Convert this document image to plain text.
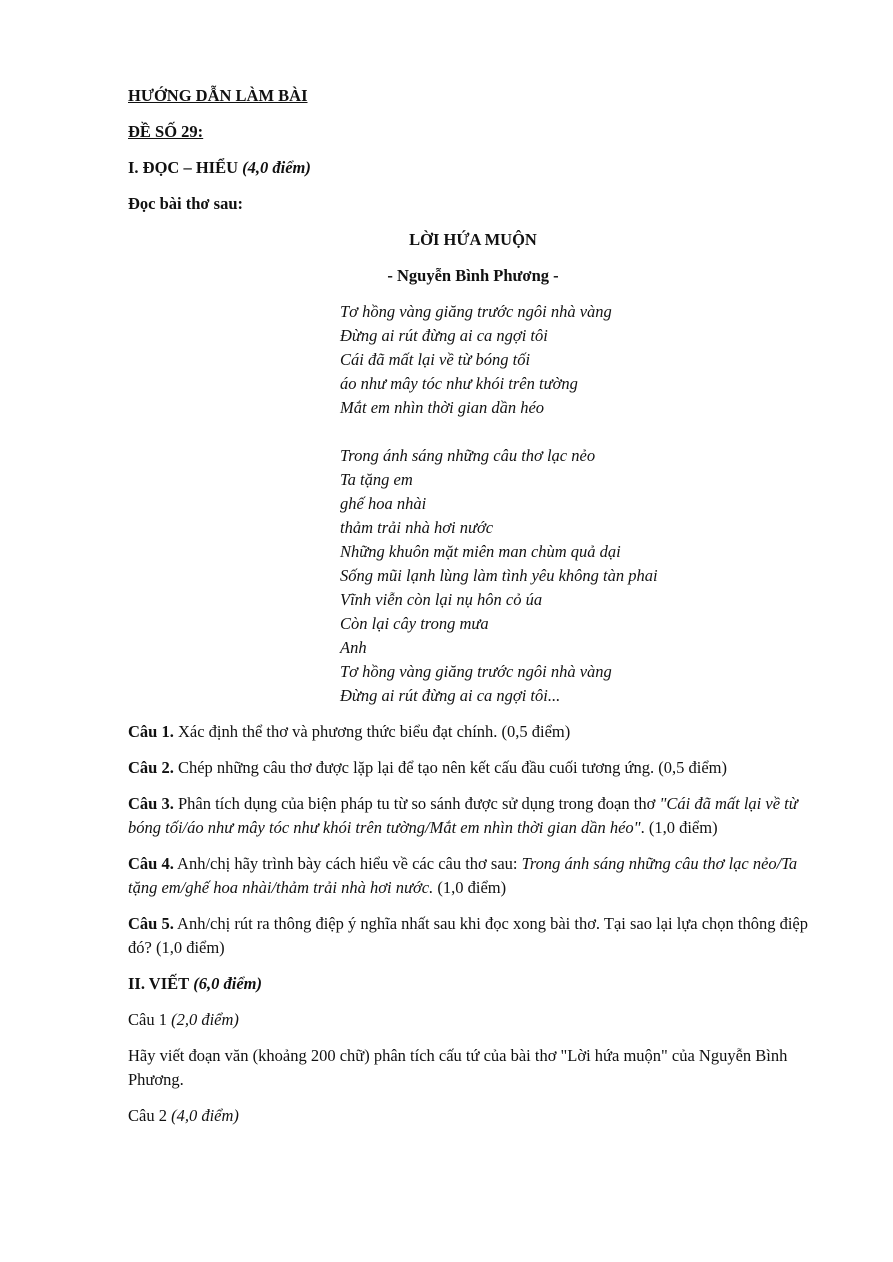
HƯỚNG DẪN LÀM BÀI
ĐỀ SỐ 29:
I. ĐỌC – HIỂU (4,0 điểm)
Đọc bài thơ sau:
LỜI HỨA MUỘN
- Nguyễn Bình Phương -
Tơ hồng vàng giăng trước ngôi nhà vàng
Đừng ai rút đừng ai ca ngợi tôi
Cái đã mất lại về từ bóng tối
áo như mây tóc như khói trên tường
Mắt em nhìn thời gian dần héo
Trong ánh sáng những câu thơ lạc nẻo
Ta tặng em
ghế hoa nhài
thảm trải nhà hơi nước
Những khuôn mặt miên man chùm quả dại
Sống mũi lạnh lùng làm tình yêu không tàn phai
Vĩnh viễn còn lại nụ hôn cỏ úa
Còn lại cây trong mưa
Anh
Tơ hồng vàng giăng trước ngôi nhà vàng
Đừng ai rút đừng ai ca ngợi tôi...

Câu 1. Xác định thể thơ và phương thức biểu đạt chính. (0,5 điểm)

Câu 2. Chép những câu thơ được lặp lại để tạo nên kết cấu đầu cuối tương ứng. (0,5 điểm)

Câu 3. Phân tích dụng của biện pháp tu từ so sánh được sử dụng trong đoạn thơ "Cái đã mất lại về từ bóng tối/áo như mây tóc như khói trên tường/Mắt em nhìn thời gian dần héo". (1,0 điểm)

Câu 4. Anh/chị hãy trình bày cách hiểu về các câu thơ sau: Trong ánh sáng những câu thơ lạc nẻo/Ta tặng em/ghế hoa nhài/thảm trải nhà hơi nước. (1,0 điểm)

Câu 5. Anh/chị rút ra thông điệp ý nghĩa nhất sau khi đọc xong bài thơ. Tại sao lại lựa chọn thông điệp đó? (1,0 điểm)

II. VIẾT (6,0 điểm)
Câu 1 (2,0 điểm)

Hãy viết đoạn văn (khoảng 200 chữ) phân tích cấu tứ của bài thơ "Lời hứa muộn" của Nguyễn Bình Phương.

Câu 2 (4,0 điểm)
